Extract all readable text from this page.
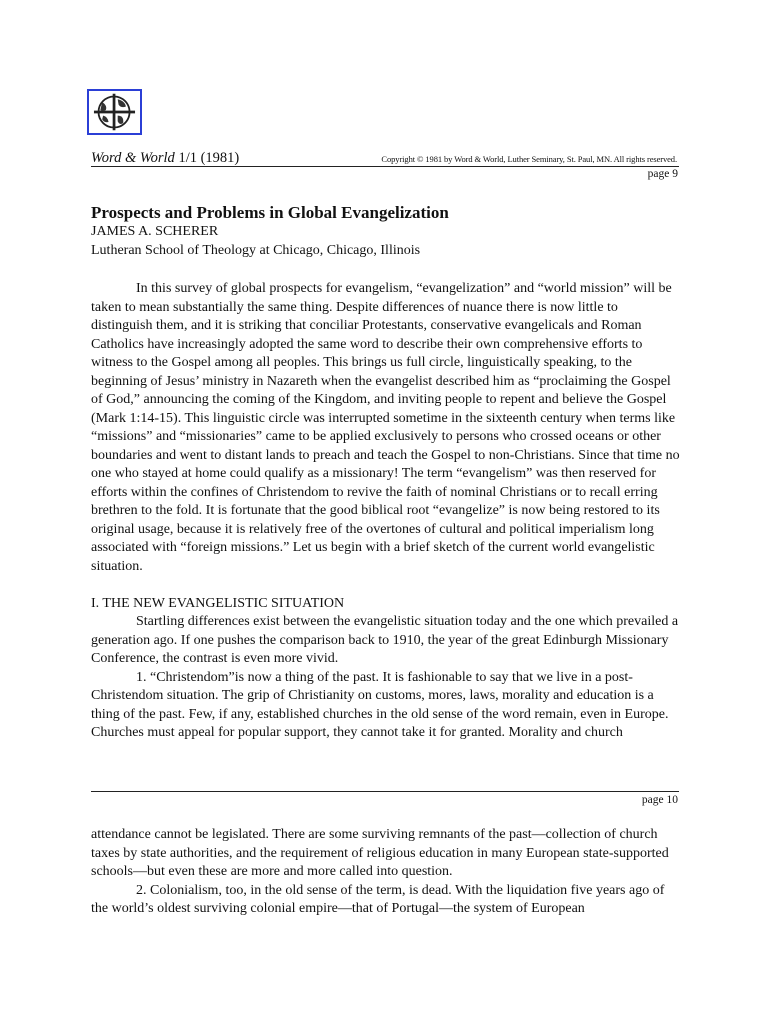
Word & World 1/1 (1981)	Copyright © 1981 by Word & World, Luther Seminary, St. Paul, MN. All rights reserved.
page 9
Prospects and Problems in Global Evangelization
JAMES A. SCHERER
Lutheran School of Theology at Chicago, Chicago, Illinois

In this survey of global prospects for evangelism, “evangelization” and “world mission” will be taken to mean substantially the same thing. Despite differences of nuance there is now little to distinguish them, and it is striking that conciliar Protestants, conservative evangelicals and Roman Catholics have increasingly adopted the same word to describe their own comprehensive efforts to witness to the Gospel among all peoples. This brings us full circle, linguistically speaking, to the beginning of Jesus’ ministry in Nazareth when the evangelist described him as “proclaiming the Gospel of God,” announcing the coming of the Kingdom, and inviting people to repent and believe the Gospel (Mark 1:14-15). This linguistic circle was interrupted sometime in the sixteenth century when terms like “missions” and “missionaries” came to be applied exclusively to persons who crossed oceans or other boundaries and went to distant lands to preach and teach the Gospel to non-Christians. Since that time no one who stayed at home could qualify as a missionary! The term “evangelism” was then reserved for efforts within the confines of Christendom to revive the faith of nominal Christians or to recall erring brethren to the fold. It is fortunate that the good biblical root “evangelize” is now being restored to its original usage, because it is relatively free of the overtones of cultural and political imperialism long associated with “foreign missions.” Let us begin with a brief sketch of the current world evangelistic situation.

I. THE NEW EVANGELISTIC SITUATION

Startling differences exist between the evangelistic situation today and the one which prevailed a generation ago. If one pushes the comparison back to 1910, the year of the great Edinburgh Missionary Conference, the contrast is even more vivid.

1. “Christendom”is now a thing of the past. It is fashionable to say that we live in a post-Christendom situation. The grip of Christianity on customs, mores, laws, morality and education is a thing of the past. Few, if any, established churches in the old sense of the word remain, even in Europe. Churches must appeal for popular support, they cannot take it for granted. Morality and church

page 10

attendance cannot be legislated. There are some surviving remnants of the past—collection of church taxes by state authorities, and the requirement of religious education in many European state-supported schools—but even these are more and more called into question.

2. Colonialism, too, in the old sense of the term, is dead. With the liquidation five years ago of the world’s oldest surviving colonial empire—that of Portugal—the system of European
